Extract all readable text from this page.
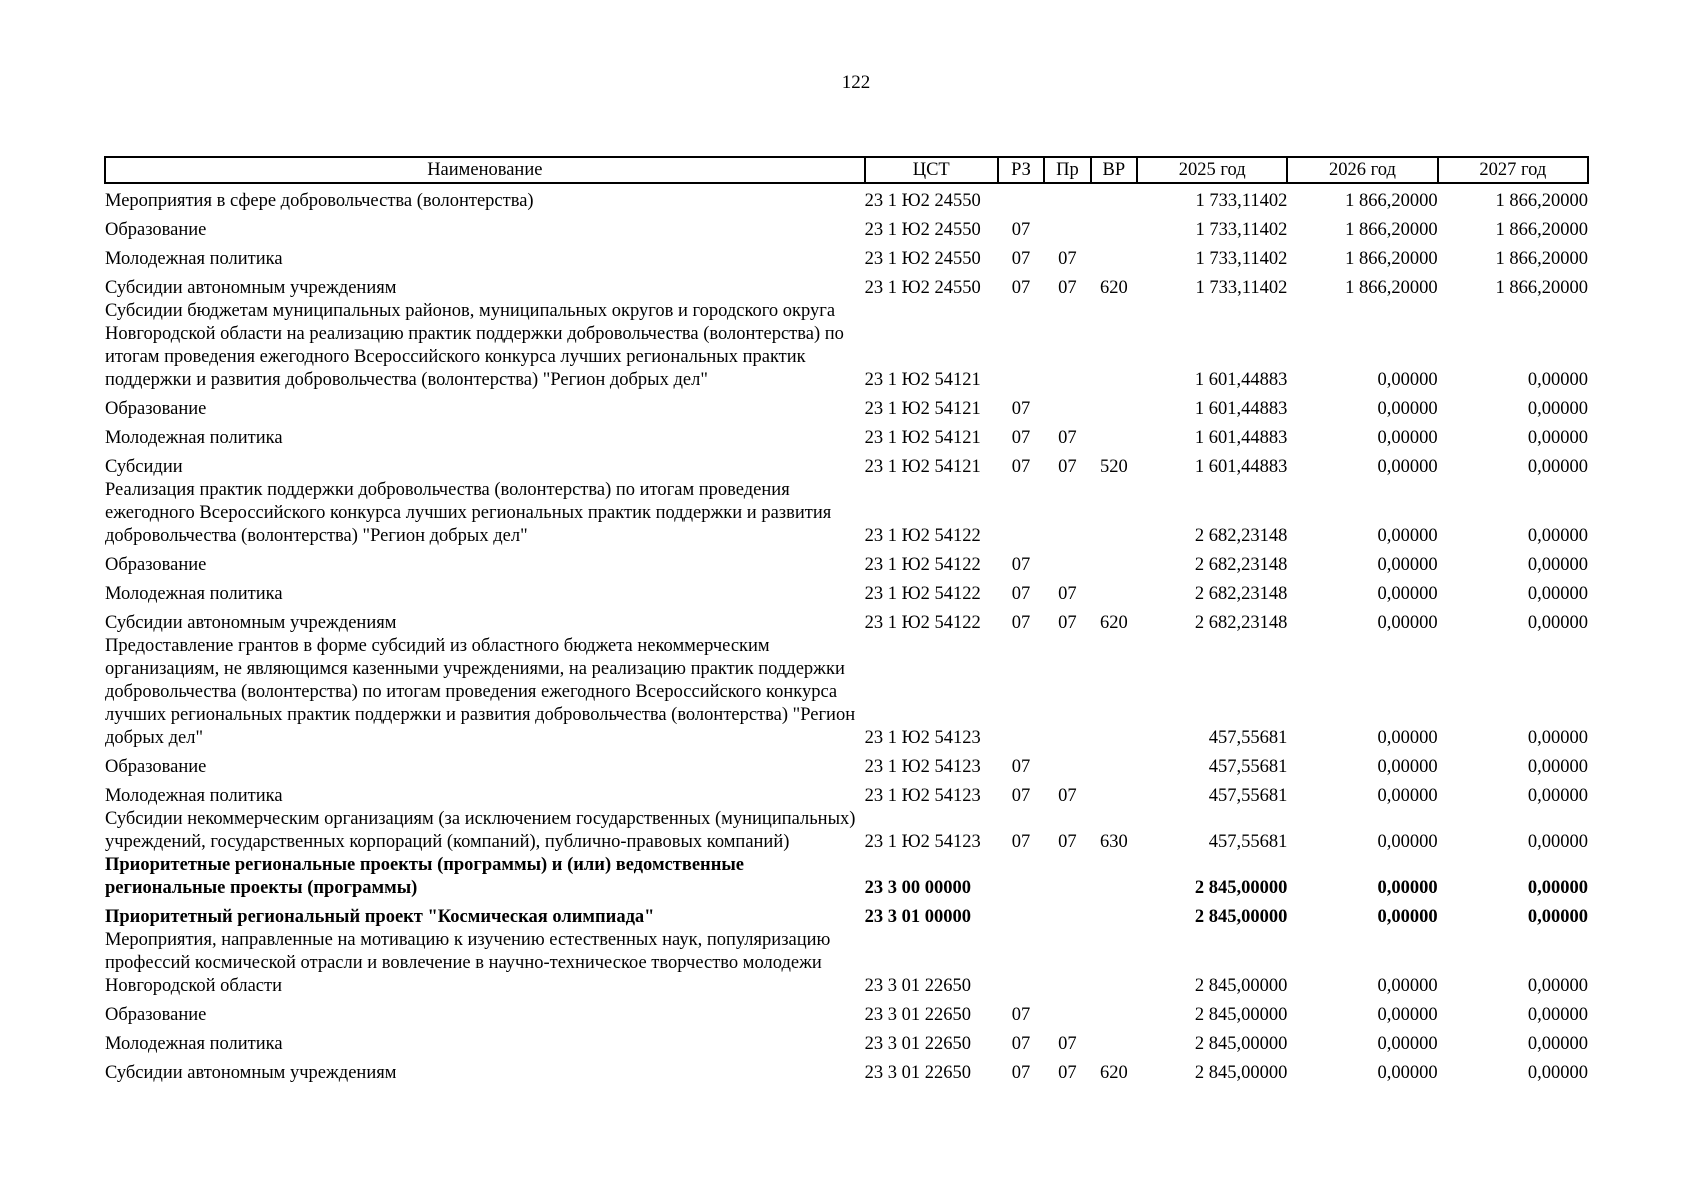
122
Наименование	ЦСТ	РЗ	Пр	ВР	2025 год	2026 год	2027 год
Мероприятия в сфере добровольчества (волонтерства)	23 1 Ю2 24550				1 733,11402	1 866,20000	1 866,20000
Образование	23 1 Ю2 24550	07			1 733,11402	1 866,20000	1 866,20000
Молодежная политика	23 1 Ю2 24550	07	07		1 733,11402	1 866,20000	1 866,20000
Субсидии автономным учреждениям	23 1 Ю2 24550	07	07	620	1 733,11402	1 866,20000	1 866,20000
Субсидии бюджетам муниципальных районов, муниципальных округов и городского округа Новгородской области на реализацию практик поддержки добровольчества (волонтерства) по итогам проведения ежегодного Всероссийского конкурса лучших региональных практик поддержки и развития добровольчества (волонтерства) "Регион добрых дел"	23 1 Ю2 54121				1 601,44883	0,00000	0,00000
Образование	23 1 Ю2 54121	07			1 601,44883	0,00000	0,00000
Молодежная политика	23 1 Ю2 54121	07	07		1 601,44883	0,00000	0,00000
Субсидии	23 1 Ю2 54121	07	07	520	1 601,44883	0,00000	0,00000
Реализация практик поддержки добровольчества (волонтерства) по итогам проведения ежегодного Всероссийского конкурса лучших региональных практик поддержки и развития добровольчества (волонтерства) "Регион добрых дел"	23 1 Ю2 54122				2 682,23148	0,00000	0,00000
Образование	23 1 Ю2 54122	07			2 682,23148	0,00000	0,00000
Молодежная политика	23 1 Ю2 54122	07	07		2 682,23148	0,00000	0,00000
Субсидии автономным учреждениям	23 1 Ю2 54122	07	07	620	2 682,23148	0,00000	0,00000
Предоставление грантов в форме субсидий из областного бюджета некоммерческим организациям, не являющимся казенными учреждениями, на реализацию практик поддержки добровольчества (волонтерства) по итогам проведения ежегодного Всероссийского конкурса лучших региональных практик поддержки и развития добровольчества (волонтерства) "Регион добрых дел"	23 1 Ю2 54123				457,55681	0,00000	0,00000
Образование	23 1 Ю2 54123	07			457,55681	0,00000	0,00000
Молодежная политика	23 1 Ю2 54123	07	07		457,55681	0,00000	0,00000
Субсидии некоммерческим организациям (за исключением государственных (муниципальных) учреждений, государственных корпораций (компаний), публично-правовых компаний)	23 1 Ю2 54123	07	07	630	457,55681	0,00000	0,00000
Приоритетные региональные проекты (программы) и (или) ведомственные региональные проекты (программы)	23 3 00 00000				2 845,00000	0,00000	0,00000
Приоритетный региональный проект "Космическая олимпиада"	23 3 01 00000				2 845,00000	0,00000	0,00000
Мероприятия, направленные на мотивацию к изучению естественных наук, популяризацию профессий космической отрасли и вовлечение в научно-техническое творчество молодежи Новгородской области	23 3 01 22650				2 845,00000	0,00000	0,00000
Образование	23 3 01 22650	07			2 845,00000	0,00000	0,00000
Молодежная политика	23 3 01 22650	07	07		2 845,00000	0,00000	0,00000
Субсидии автономным учреждениям	23 3 01 22650	07	07	620	2 845,00000	0,00000	0,00000
